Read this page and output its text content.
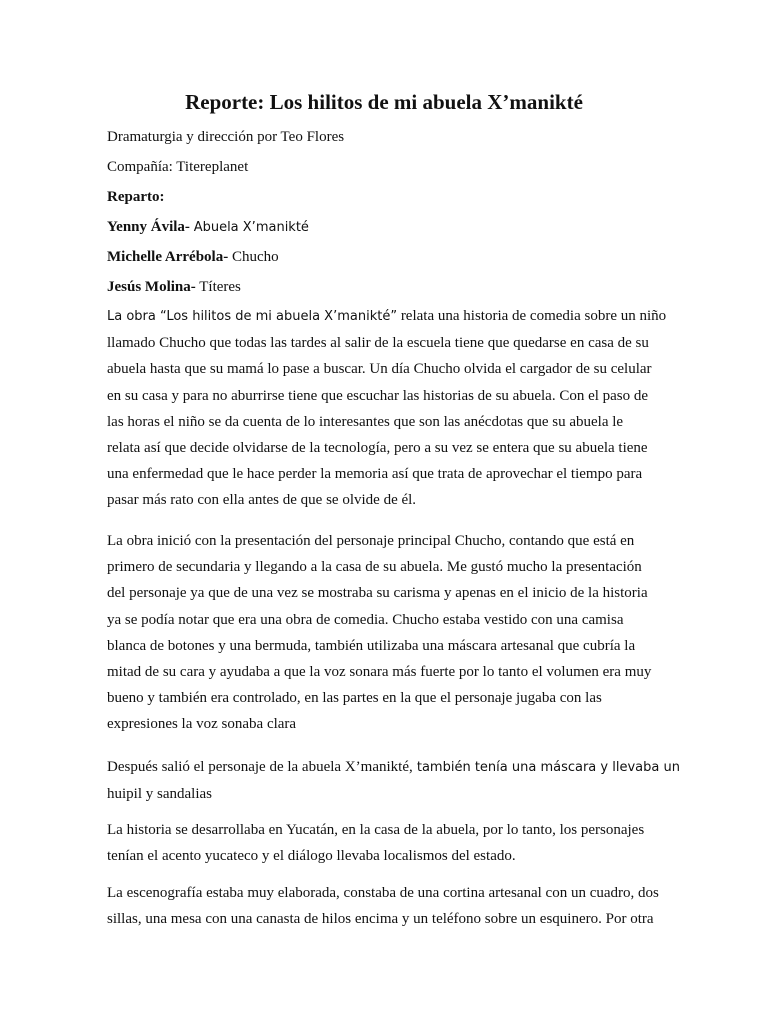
Reporte: Los hilitos de mi abuela X’manikté

Dramaturgia y dirección por Teo Flores

Compañía: Titereplanet

Reparto:

Yenny Ávila- Abuela X’manikté

Michelle Arrébola- Chucho

Jesús Molina- Títeres

La obra “Los hilitos de mi abuela X’manikté” relata una historia de comedia sobre un niño
llamado Chucho que todas las tardes al salir de la escuela tiene que quedarse en casa de su
abuela hasta que su mamá lo pase a buscar. Un día Chucho olvida el cargador de su celular
en su casa y para no aburrirse tiene que escuchar las historias de su abuela. Con el paso de
las horas el niño se da cuenta de lo interesantes que son las anécdotas que su abuela le
relata así que decide olvidarse de la tecnología, pero a su vez se entera que su abuela tiene
una enfermedad que le hace perder la memoria así que trata de aprovechar el tiempo para
pasar más rato con ella antes de que se olvide de él.
La obra inició con la presentación del personaje principal Chucho, contando que está en
primero de secundaria y llegando a la casa de su abuela. Me gustó mucho la presentación
del personaje ya que de una vez se mostraba su carisma y apenas en el inicio de la historia
ya se podía notar que era una obra de comedia. Chucho estaba vestido con una camisa
blanca de botones y una bermuda, también utilizaba una máscara artesanal que cubría la
mitad de su cara y ayudaba a que la voz sonara más fuerte por lo tanto el volumen era muy
bueno y también era controlado, en las partes en la que el personaje jugaba con las
expresiones la voz sonaba clara
Después salió el personaje de la abuela X’manikté, también tenía una máscara y llevaba un
huipil y sandalias
La historia se desarrollaba en Yucatán, en la casa de la abuela, por lo tanto, los personajes
tenían el acento yucateco y el diálogo llevaba localismos del estado.
La escenografía estaba muy elaborada, constaba de una cortina artesanal con un cuadro, dos
sillas, una mesa con una canasta de hilos encima y un teléfono sobre un esquinero. Por otra
